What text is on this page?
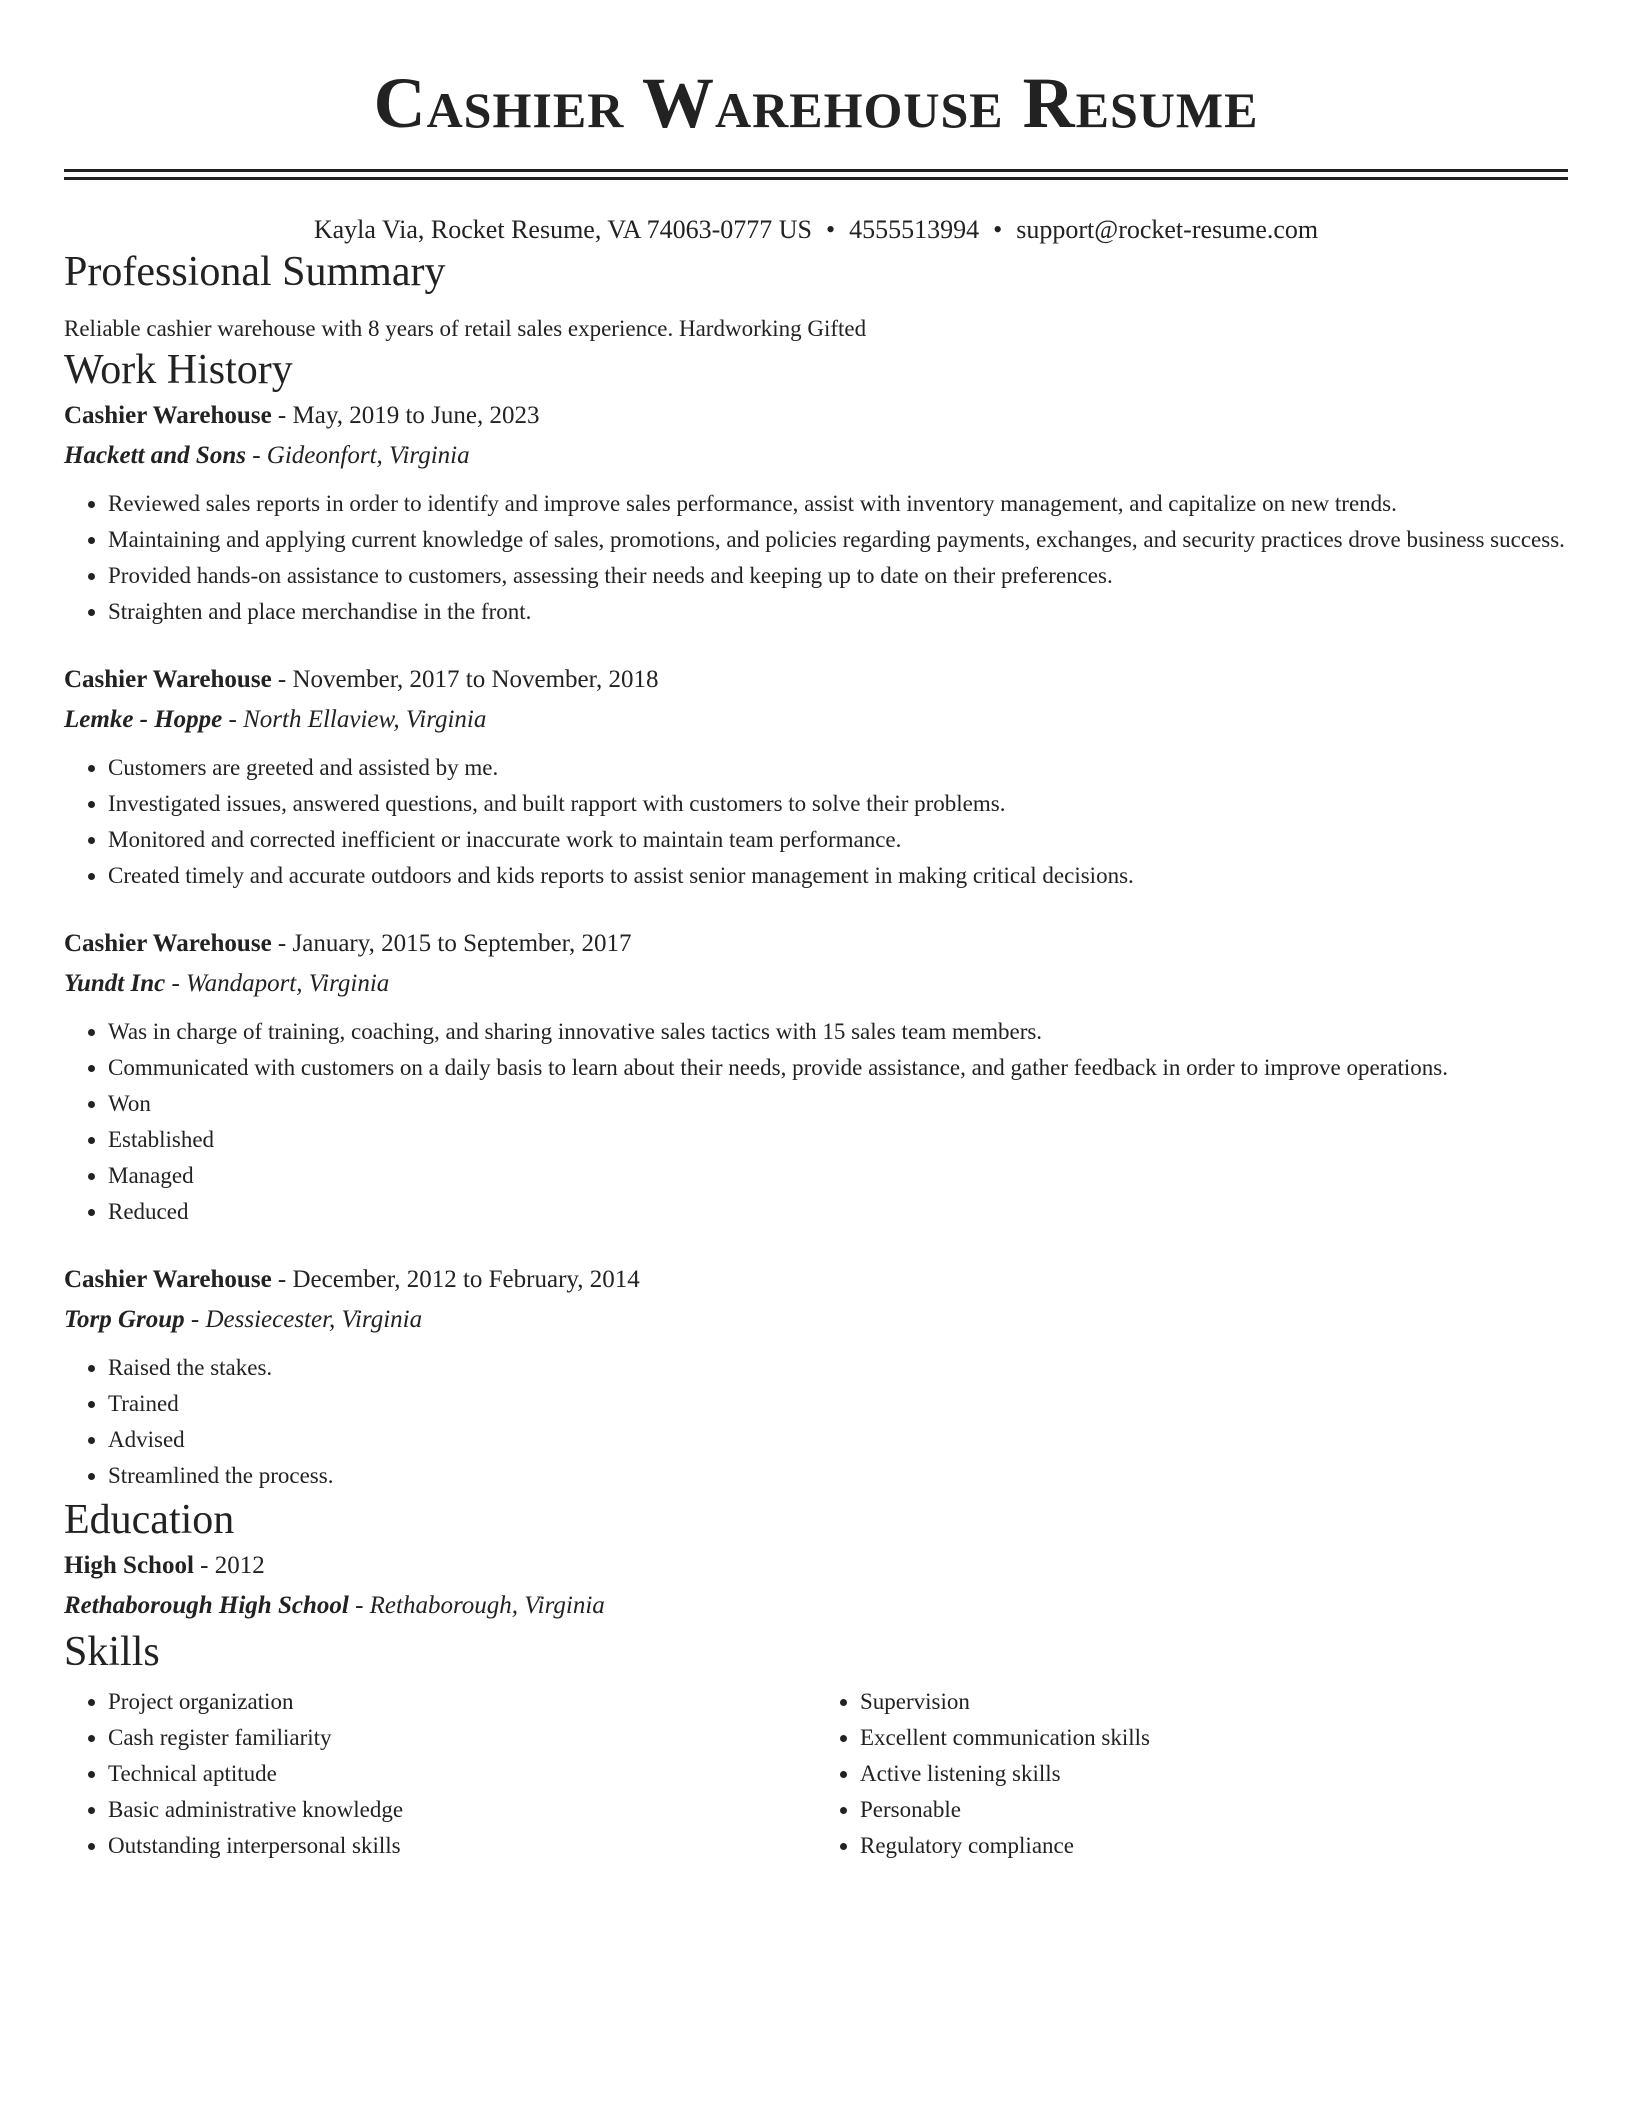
Cashier Warehouse Resume
Kayla Via, Rocket Resume, VA 74063-0777 US • 4555513994 • support@rocket-resume.com
Professional Summary
Reliable cashier warehouse with 8 years of retail sales experience. Hardworking Gifted
Work History
Cashier Warehouse - May, 2019 to June, 2023
Hackett and Sons - Gideonfort, Virginia
• Reviewed sales reports in order to identify and improve sales performance, assist with inventory management, and capitalize on new trends.
• Maintaining and applying current knowledge of sales, promotions, and policies regarding payments, exchanges, and security practices drove business success.
• Provided hands-on assistance to customers, assessing their needs and keeping up to date on their preferences.
• Straighten and place merchandise in the front.
Cashier Warehouse - November, 2017 to November, 2018
Lemke - Hoppe - North Ellaview, Virginia
• Customers are greeted and assisted by me.
• Investigated issues, answered questions, and built rapport with customers to solve their problems.
• Monitored and corrected inefficient or inaccurate work to maintain team performance.
• Created timely and accurate outdoors and kids reports to assist senior management in making critical decisions.
Cashier Warehouse - January, 2015 to September, 2017
Yundt Inc - Wandaport, Virginia
• Was in charge of training, coaching, and sharing innovative sales tactics with 15 sales team members.
• Communicated with customers on a daily basis to learn about their needs, provide assistance, and gather feedback in order to improve operations.
• Won
• Established
• Managed
• Reduced
Cashier Warehouse - December, 2012 to February, 2014
Torp Group - Dessiecester, Virginia
• Raised the stakes.
• Trained
• Advised
• Streamlined the process.
Education
High School - 2012
Rethaborough High School - Rethaborough, Virginia
Skills
• Project organization
• Cash register familiarity
• Technical aptitude
• Basic administrative knowledge
• Outstanding interpersonal skills
• Supervision
• Excellent communication skills
• Active listening skills
• Personable
• Regulatory compliance
